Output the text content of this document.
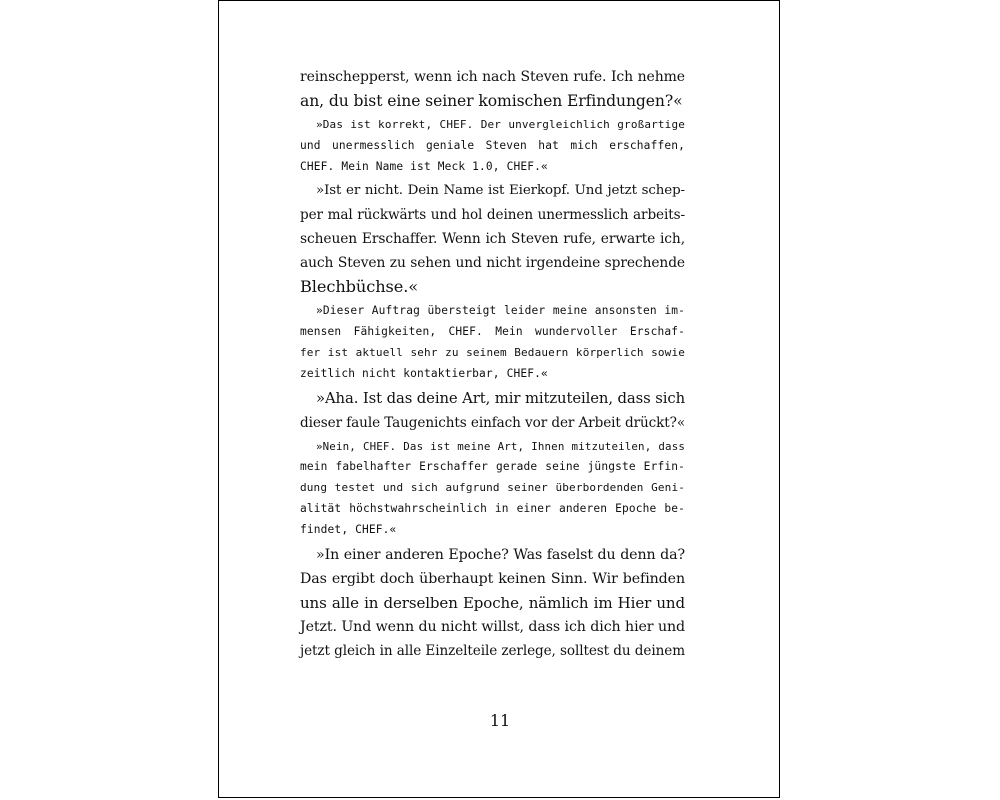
reinschepperst, wenn ich nach Steven rufe. Ich nehme
an, du bist eine seiner komischen Erfindungen?«
»Das ist korrekt, CHEF. Der unvergleichlich großartige
und unermesslich geniale Steven hat mich erschaffen,
CHEF. Mein Name ist Meck 1.0, CHEF.«
»Ist er nicht. Dein Name ist Eierkopf. Und jetzt schep-
per mal rückwärts und hol deinen unermesslich arbeits-
scheuen Erschaffer. Wenn ich Steven rufe, erwarte ich,
auch Steven zu sehen und nicht irgendeine sprechende
Blechbüchse.«
»Dieser Auftrag übersteigt leider meine ansonsten im-
mensen Fähigkeiten, CHEF. Mein wundervoller Erschaf-
fer ist aktuell sehr zu seinem Bedauern körperlich sowie
zeitlich nicht kontaktierbar, CHEF.«
»Aha. Ist das deine Art, mir mitzuteilen, dass sich
dieser faule Taugenichts einfach vor der Arbeit drückt?«
»Nein, CHEF. Das ist meine Art, Ihnen mitzuteilen, dass
mein fabelhafter Erschaffer gerade seine jüngste Erfin-
dung testet und sich aufgrund seiner überbordenden Geni-
alität höchstwahrscheinlich in einer anderen Epoche be-
findet, CHEF.«
»In einer anderen Epoche? Was faselst du denn da?
Das ergibt doch überhaupt keinen Sinn. Wir befinden
uns alle in derselben Epoche, nämlich im Hier und
Jetzt. Und wenn du nicht willst, dass ich dich hier und
jetzt gleich in alle Einzelteile zerlege, solltest du deinem
11
